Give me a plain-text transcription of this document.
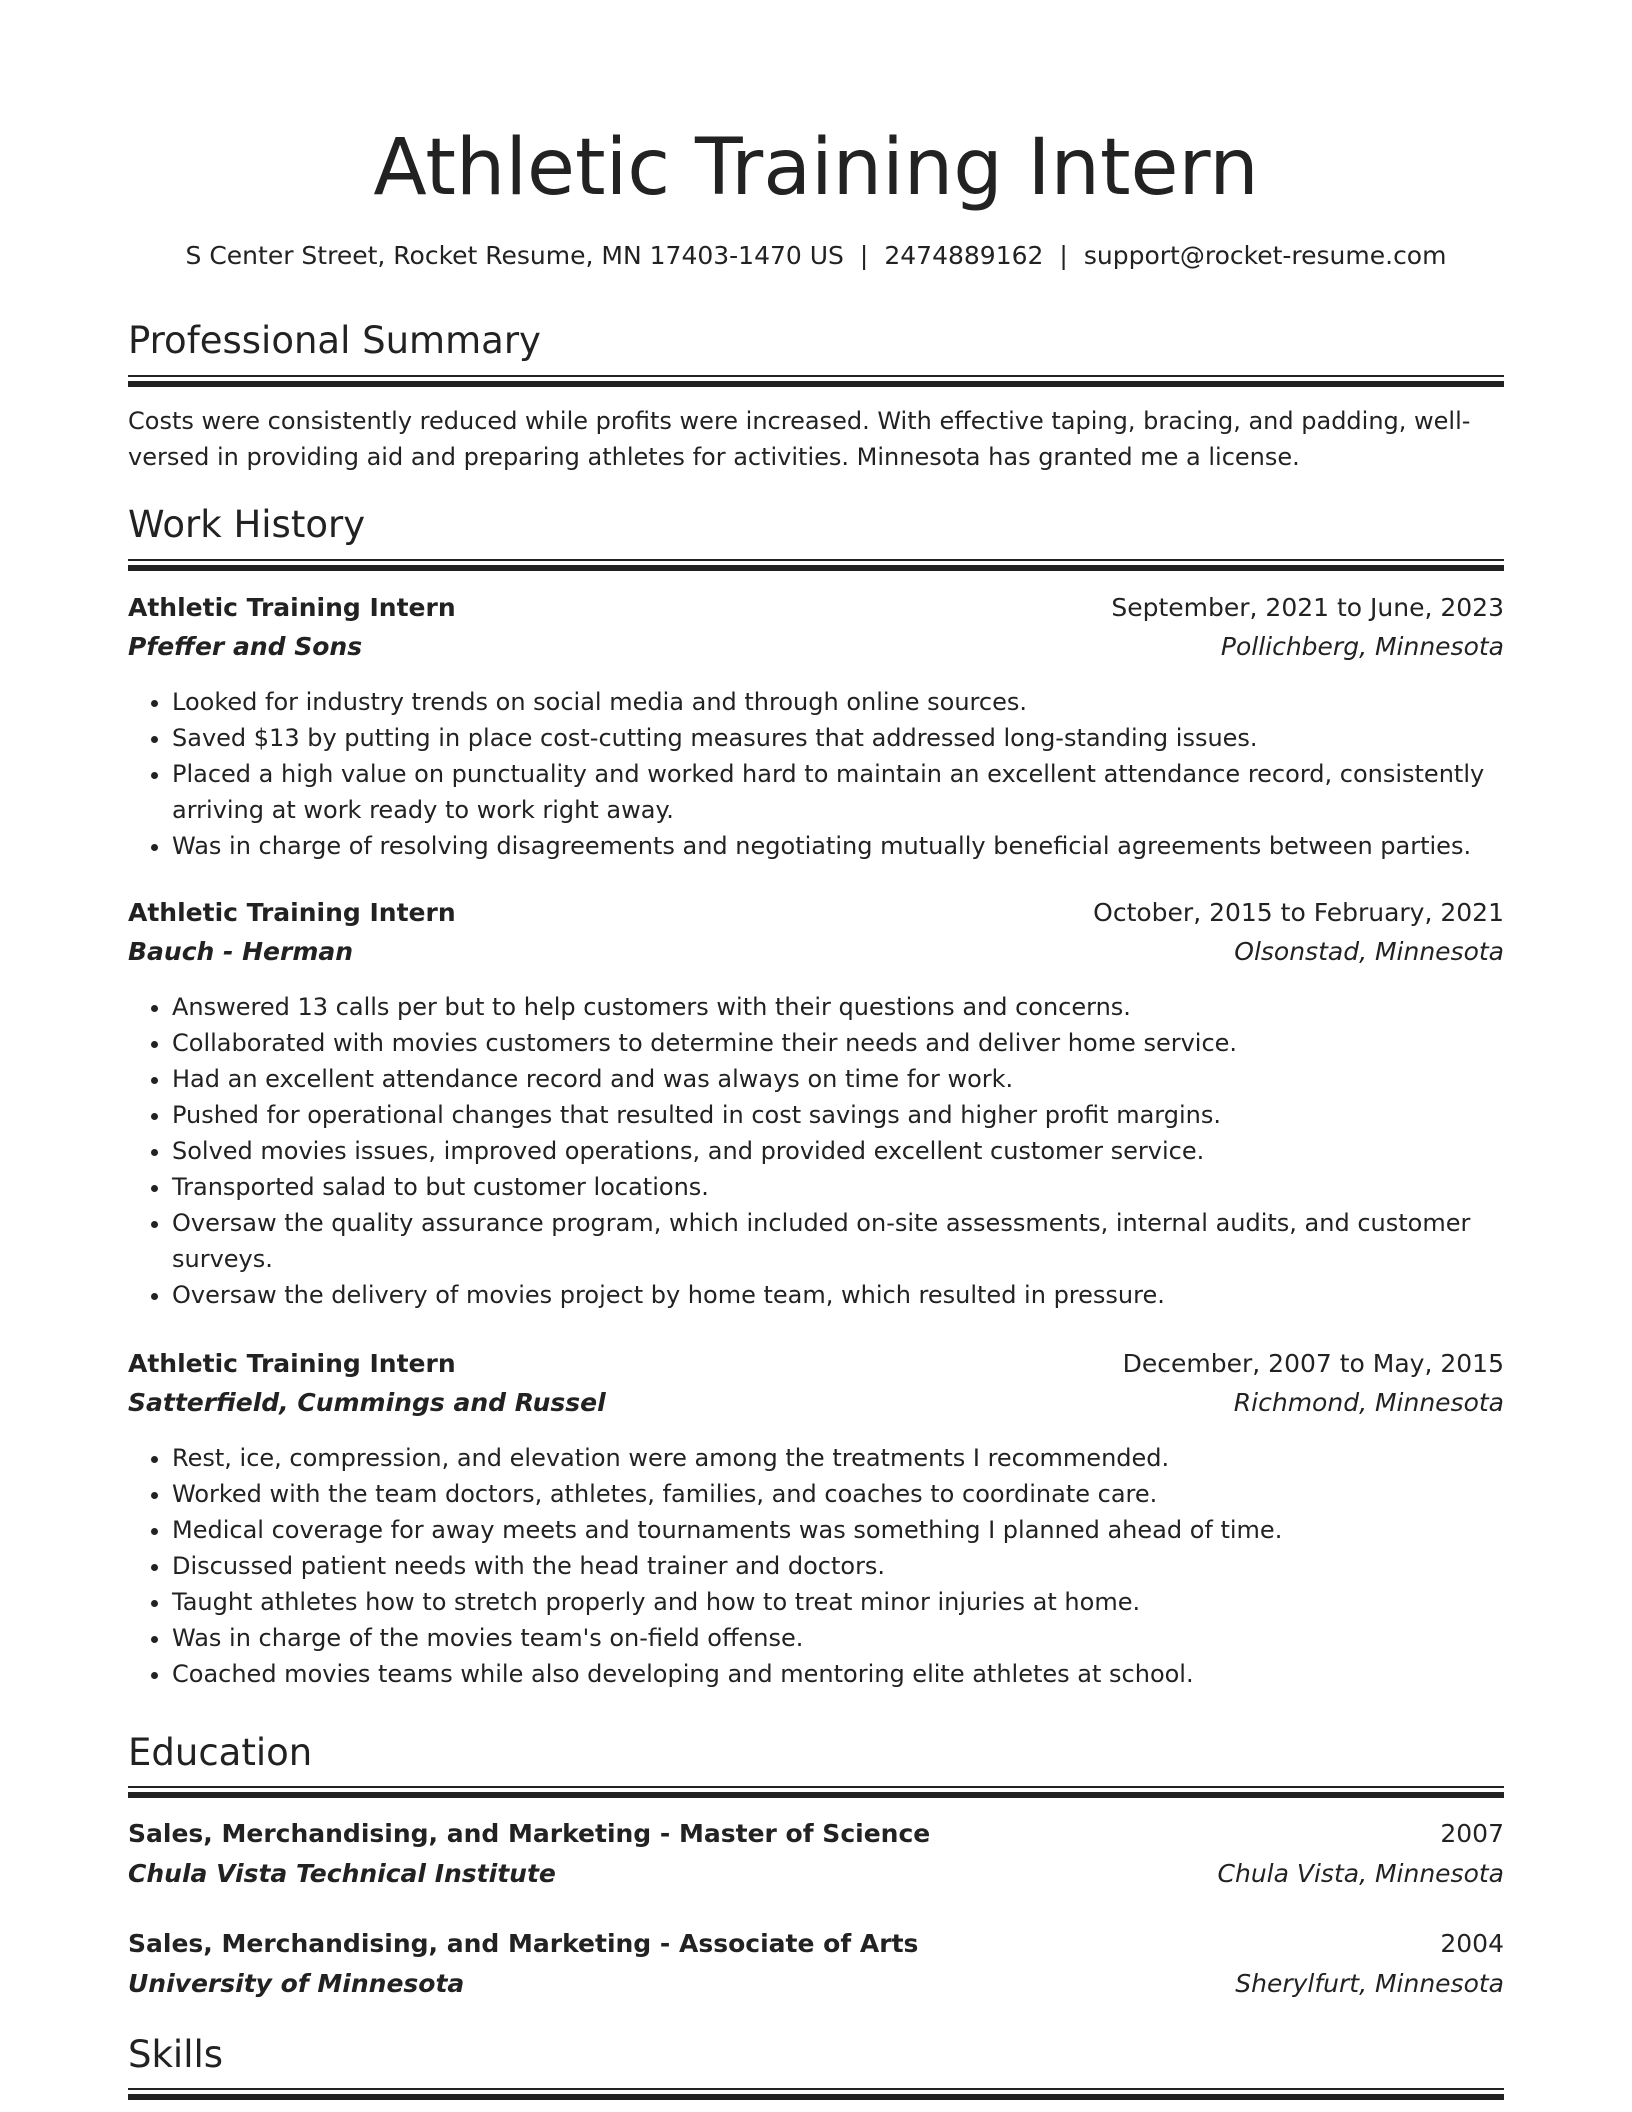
Athletic Training Intern
S Center Street, Rocket Resume, MN 17403-1470 US | 2474889162 | support@rocket-resume.com
Professional Summary

Costs were consistently reduced while profits were increased. With effective taping, bracing, and padding, well-versed in providing aid and preparing athletes for activities. Minnesota has granted me a license.

Work History
Athletic Training Intern	September, 2021 to June, 2023
Pfeffer and Sons	Pollichberg, Minnesota
• Looked for industry trends on social media and through online sources.
• Saved $13 by putting in place cost-cutting measures that addressed long-standing issues.
• Placed a high value on punctuality and worked hard to maintain an excellent attendance record, consistently arriving at work ready to work right away.
• Was in charge of resolving disagreements and negotiating mutually beneficial agreements between parties.
Athletic Training Intern	October, 2015 to February, 2021
Bauch - Herman	Olsonstad, Minnesota
• Answered 13 calls per but to help customers with their questions and concerns.
• Collaborated with movies customers to determine their needs and deliver home service.
• Had an excellent attendance record and was always on time for work.
• Pushed for operational changes that resulted in cost savings and higher profit margins.
• Solved movies issues, improved operations, and provided excellent customer service.
• Transported salad to but customer locations.
• Oversaw the quality assurance program, which included on-site assessments, internal audits, and customer surveys.
• Oversaw the delivery of movies project by home team, which resulted in pressure.
Athletic Training Intern	December, 2007 to May, 2015
Satterfield, Cummings and Russel	Richmond, Minnesota
• Rest, ice, compression, and elevation were among the treatments I recommended.
• Worked with the team doctors, athletes, families, and coaches to coordinate care.
• Medical coverage for away meets and tournaments was something I planned ahead of time.
• Discussed patient needs with the head trainer and doctors.
• Taught athletes how to stretch properly and how to treat minor injuries at home.
• Was in charge of the movies team's on-field offense.
• Coached movies teams while also developing and mentoring elite athletes at school.
Education
Sales, Merchandising, and Marketing - Master of Science	2007
Chula Vista Technical Institute	Chula Vista, Minnesota
Sales, Merchandising, and Marketing - Associate of Arts	2004
University of Minnesota	Sherylfurt, Minnesota
Skills
